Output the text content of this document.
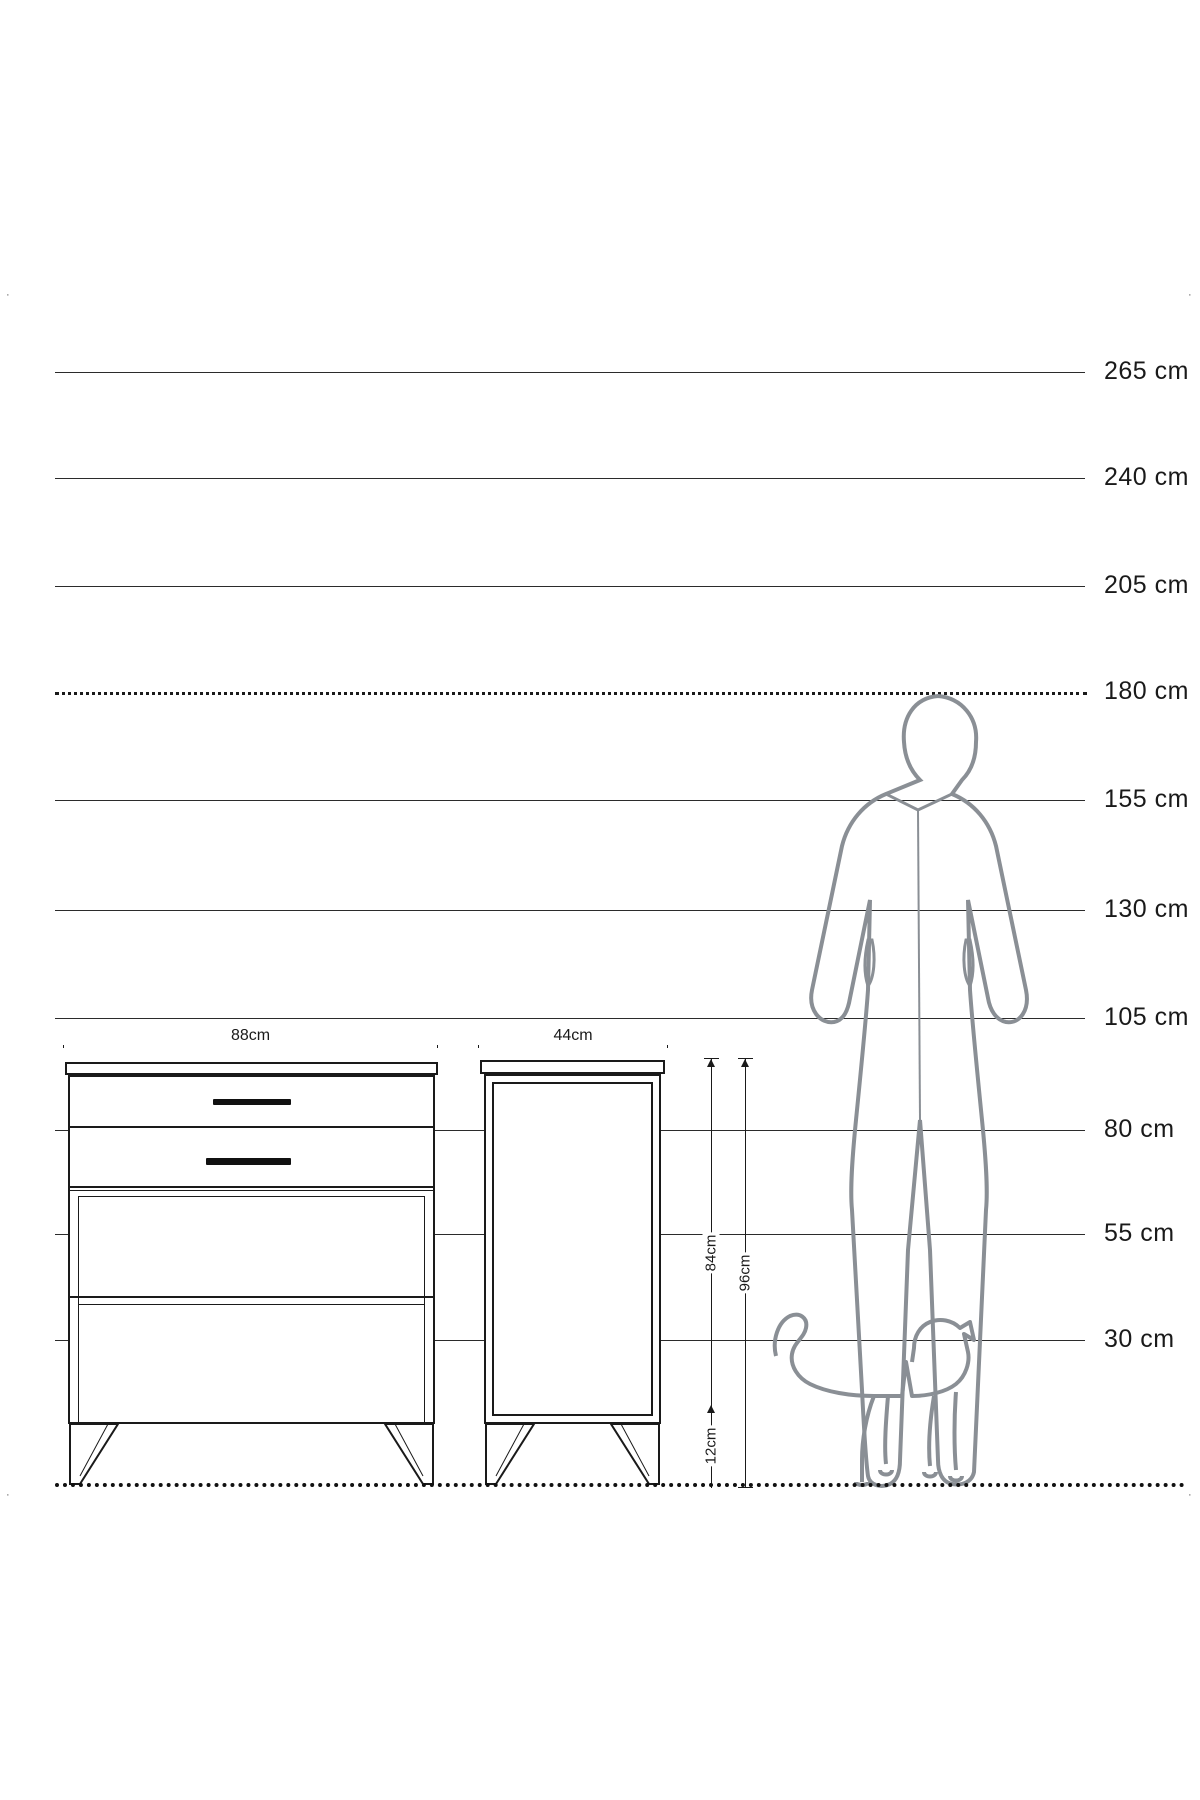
·	·
·	·
265 cm
240 cm
205 cm
180 cm
155 cm
130 cm
105 cm
80 cm
55 cm
30 cm
88cm	44cm
84cm
96cm
12cm
